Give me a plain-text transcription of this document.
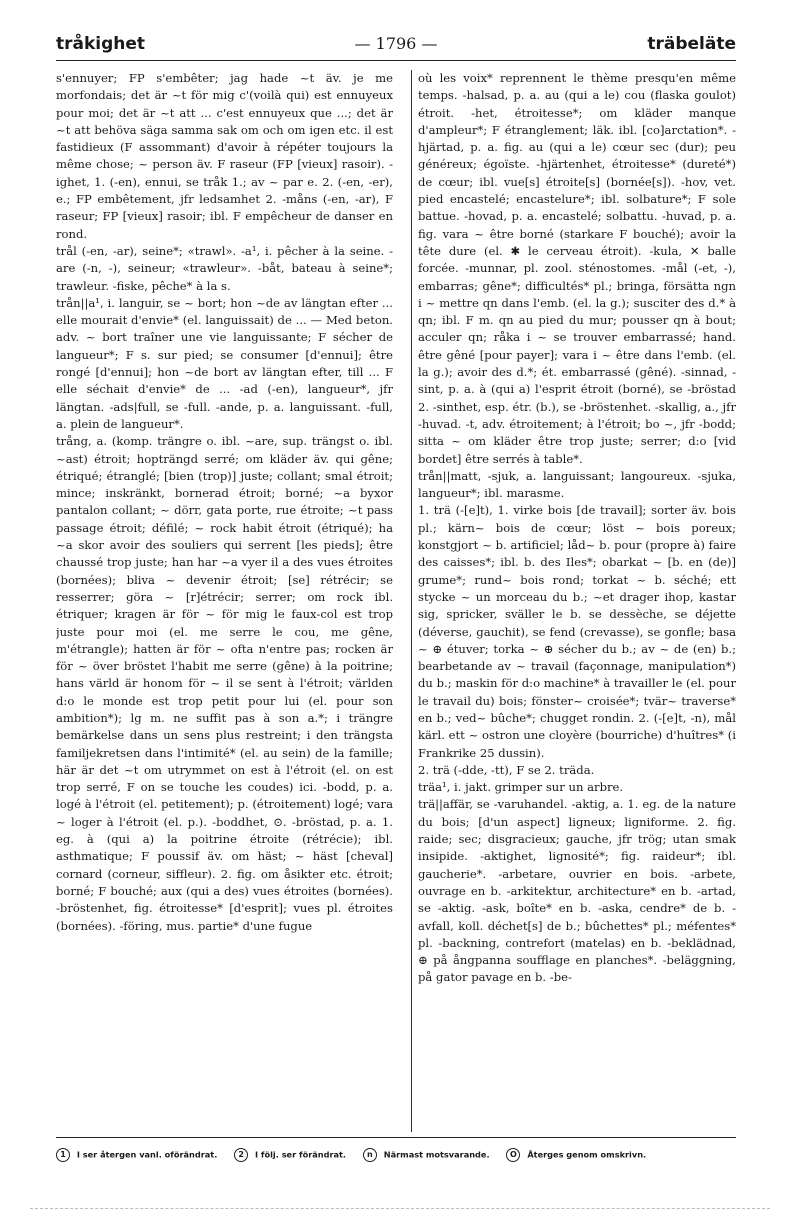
tråkighet	— 1796 —	träbeläte

s'ennuyer; FP s'embêter; jag hade ~t äv. je me morfondais; det är ~t för mig c'(voilà qui) est ennuyeux pour moi; det är ~t att ... c'est ennuyeux que ...; det är ~t att behöva säga samma sak om och om igen etc. il est fastidieux (F assommant) d'avoir à répéter toujours la même chose; ~ person äv. F raseur (FP [vieux] rasoir). -ighet, 1. (-en), ennui, se tråk 1.; av ~ par e. 2. (-en, -er), e.; FP embêtement, jfr ledsamhet 2. -måns (-en, -ar), F raseur; FP [vieux] rasoir; ibl. F empêcheur de danser en rond.

trål (-en, -ar), seine*; «trawl». -a¹, i. pêcher à la seine. -are (-n, -), seineur; «trawleur». -båt, bateau à seine*; trawleur. -fiske, pêche* à la s.

trån||a¹, i. languir, se ~ bort; hon ~de av längtan efter ... elle mourait d'envie* (el. languissait) de ... — Med beton. adv. ~ bort traîner une vie languissante; F sécher de langueur*; F s. sur pied; se consumer [d'ennui]; être rongé [d'ennui]; hon ~de bort av längtan efter, till ... F elle séchait d'envie* de ... -ad (-en), langueur*, jfr längtan. -ads|full, se -full. -ande, p. a. languissant. -full, a. plein de langueur*.

trång, a. (komp. trängre o. ibl. ~are, sup. trängst o. ibl. ~ast) étroit; hopträngd serré; om kläder äv. qui gêne; étriqué; étranglé; [bien (trop)] juste; collant; smal étroit; mince; inskränkt, bornerad étroit; borné; ~a byxor pantalon collant; ~ dörr, gata porte, rue étroite; ~t pass passage étroit; défilé; ~ rock habit étroit (étriqué); ha ~a skor avoir des souliers qui serrent [les pieds]; être chaussé trop juste; han har ~a vyer il a des vues étroites (bornées); bliva ~ devenir étroit; [se] rétrécir; se resserrer; göra ~ [r]étrécir; serrer; om rock ibl. étriquer; kragen är för ~ för mig le faux-col est trop juste pour moi (el. me serre le cou, me gêne, m'étrangle); hatten är för ~ ofta n'entre pas; rocken är för ~ över bröstet l'habit me serre (gêne) à la poitrine; hans värld är honom för ~ il se sent à l'étroit; världen d:o le monde est trop petit pour lui (el. pour son ambition*); lg m. ne suffit pas à son a.*; i trängre bemärkelse dans un sens plus restreint; i den trängsta familjekretsen dans l'intimité* (el. au sein) de la famille; här är det ~t om utrymmet on est à l'étroit (el. on est trop serré, F on se touche les coudes) ici. -bodd, p. a. logé à l'étroit (el. petitement); p. (étroitement) logé; vara ~ loger à l'étroit (el. p.). -boddhet, ⊙. -bröstad, p. a. 1. eg. à (qui a) la poitrine étroite (rétrécie); ibl. asthmatique; F poussif äv. om häst; ~ häst [cheval] cornard (corneur, siffleur). 2. fig. om åsikter etc. étroit; borné; F bouché; aux (qui a des) vues étroites (bornées). -bröstenhet, fig. étroitesse* [d'esprit]; vues pl. étroites (bornées). -föring, mus. partie* d'une fugue

où les voix* reprennent le thème presqu'en même temps. -halsad, p. a. au (qui a le) cou (flaska goulot) étroit. -het, étroitesse*; om kläder manque d'ampleur*; F étranglement; läk. ibl. [co]arctation*. -hjärtad, p. a. fig. au (qui a le) cœur sec (dur); peu généreux; égoïste. -hjärtenhet, étroitesse* (dureté*) de cœur; ibl. vue[s] étroite[s] (bornée[s]). -hov, vet. pied encastelé; encastelure*; ibl. solbature*; F sole battue. -hovad, p. a. encastelé; solbattu. -huvad, p. a. fig. vara ~ être borné (starkare F bouché); avoir la tête dure (el. ✱ le cerveau étroit). -kula, ✕ balle forcée. -munnar, pl. zool. sténostomes. -mål (-et, -), embarras; gêne*; difficultés* pl.; bringa, försätta ngn i ~ mettre qn dans l'emb. (el. la g.); susciter des d.* à qn; ibl. F m. qn au pied du mur; pousser qn à bout; acculer qn; råka i ~ se trouver embarrassé; hand. être gêné [pour payer]; vara i ~ être dans l'emb. (el. la g.); avoir des d.*; ét. embarrassé (gêné). -sinnad, -sint, p. a. à (qui a) l'esprit étroit (borné), se -bröstad 2. -sinthet, esp. étr. (b.), se -bröstenhet. -skallig, a., jfr -huvad. -t, adv. étroitement; à l'étroit; bo ~, jfr -bodd; sitta ~ om kläder être trop juste; serrer; d:o [vid bordet] être serrés à table*.

trån||matt, -sjuk, a. languissant; langoureux. -sjuka, langueur*; ibl. marasme.

1. trä (-[e]t), 1. virke bois [de travail]; sorter äv. bois pl.; kärn~ bois de cœur; löst ~ bois poreux; konstgjort ~ b. artificiel; låd~ b. pour (propre à) faire des caisses*; ibl. b. des Iles*; obarkat ~ [b. en (de)] grume*; rund~ bois rond; torkat ~ b. séché; ett stycke ~ un morceau du b.; ~et drager ihop, kastar sig, spricker, sväller le b. se dessèche, se déjette (déverse, gauchit), se fend (crevasse), se gonfle; basa ~ ⊕ étuver; torka ~ ⊕ sécher du b.; av ~ de (en) b.; bearbetande av ~ travail (façonnage, manipulation*) du b.; maskin för d:o machine* à travailler le (el. pour le travail du) bois; fönster~ croisée*; tvär~ traverse* en b.; ved~ bûche*; chugget rondin. 2. (-[e]t, -n), mål kärl. ett ~ ostron une cloyère (bourriche) d'huîtres* (i Frankrike 25 dussin).

2. trä (-dde, -tt), F se 2. träda.

träa¹, i. jakt. grimper sur un arbre.

trä||affär, se -varuhandel. -aktig, a. 1. eg. de la nature du bois; [d'un aspect] ligneux; ligniforme. 2. fig. raide; sec; disgracieux; gauche, jfr trög; utan smak insipide. -aktighet, lignosité*; fig. raideur*; ibl. gaucherie*. -arbetare, ouvrier en bois. -arbete, ouvrage en b. -arkitektur, architecture* en b. -artad, se -aktig. -ask, boîte* en b. -aska, cendre* de b. -avfall, koll. déchet[s] de b.; bûchettes* pl.; méfentes* pl. -backning, contrefort (matelas) en b. -beklädnad, ⊕ på ångpanna soufflage en planches*. -beläggning, på gator pavage en b. -be-

1 I ser återgen vanl. oförändrat.	2 I följ. ser förändrat.	n Närmast motsvarande.	O Återges genom omskrivn.
